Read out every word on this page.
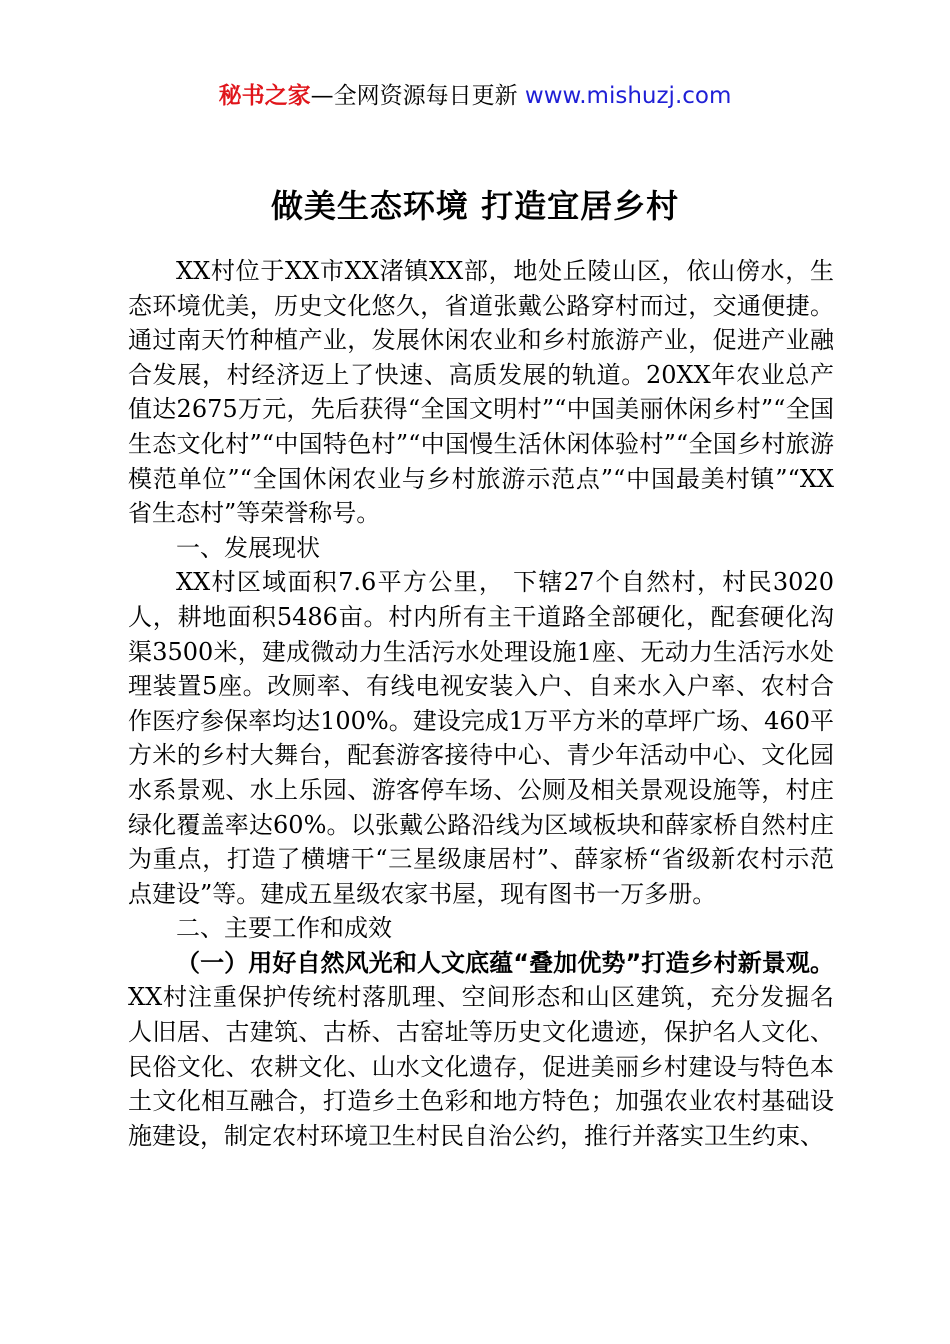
秘书之家—全网资源每日更新 www.mishuzj.com
做美生态环境 打造宜居乡村

XX村位于XX市XX渚镇XX部，地处丘陵山区，依山傍水，生态环境优美，历史文化悠久，省道张戴公路穿村而过，交通便捷。通过南天竹种植产业，发展休闲农业和乡村旅游产业，促进产业融合发展，村经济迈上了快速、高质发展的轨道。20XX年农业总产值达2675万元，先后获得“全国文明村”“中国美丽休闲乡村”“全国生态文化村”“中国特色村”“中国慢生活休闲体验村”“全国乡村旅游模范单位”“全国休闲农业与乡村旅游示范点”“中国最美村镇”“XX省生态村”等荣誉称号。

一、发展现状

XX村区域面积7.6平方公里， 下辖27个自然村，村民3020人，耕地面积5486亩。村内所有主干道路全部硬化，配套硬化沟渠3500米，建成微动力生活污水处理设施1座、无动力生活污水处理装置5座。改厕率、有线电视安装入户、自来水入户率、农村合作医疗参保率均达100%。建设完成1万平方米的草坪广场、460平方米的乡村大舞台，配套游客接待中心、青少年活动中心、文化园水系景观、水上乐园、游客停车场、公厕及相关景观设施等，村庄绿化覆盖率达60%。以张戴公路沿线为区域板块和薛家桥自然村庄为重点，打造了横塘干“三星级康居村”、薛家桥“省级新农村示范点建设”等。建成五星级农家书屋，现有图书一万多册。

二、主要工作和成效

（一）用好自然风光和人文底蕴“叠加优势”打造乡村新景观。XX村注重保护传统村落肌理、空间形态和山区建筑，充分发掘名人旧居、古建筑、古桥、古窑址等历史文化遗迹，保护名人文化、民俗文化、农耕文化、山水文化遗存，促进美丽乡村建设与特色本土文化相互融合，打造乡土色彩和地方特色；加强农业农村基础设施建设，制定农村环境卫生村民自治公约，推行并落实卫生约束、
